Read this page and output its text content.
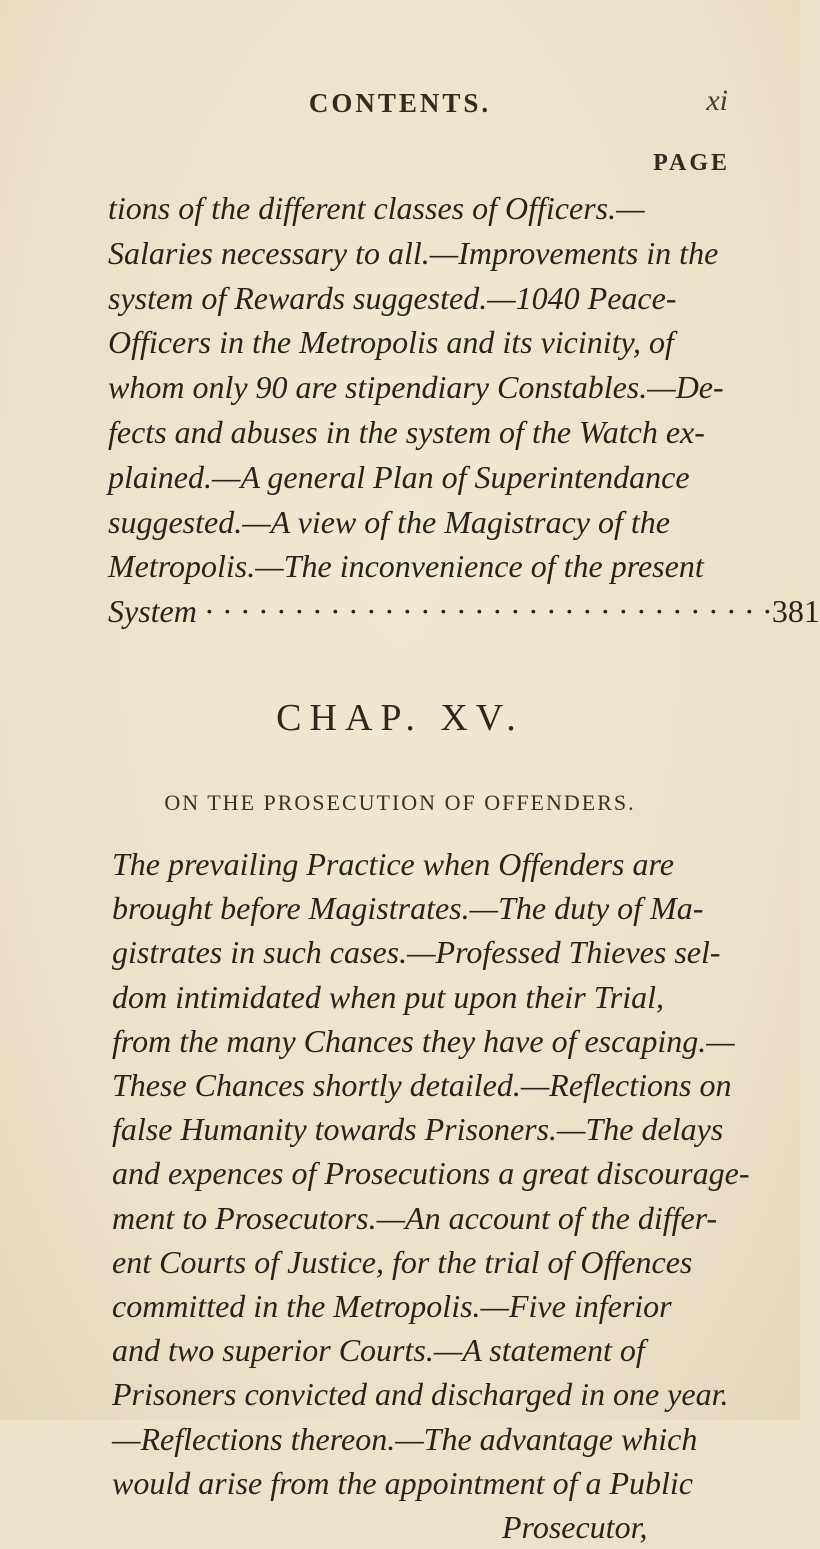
CONTENTS.	xi
PAGE
tions of the different classes of Officers.—
Salaries necessary to all.—Improvements in the
system of Rewards suggested.—1040 Peace-
Officers in the Metropolis and its vicinity, of
whom only 90 are stipendiary Constables.—De-
fects and abuses in the system of the Watch ex-
plained.—A general Plan of Superintendance
suggested.—A view of the Magistracy of the
Metropolis.—The inconvenience of the present
System · · · · · · · · · · · · · · · · · · · · · · · · · · · · · · · ·381
CHAP. XV.
ON THE PROSECUTION OF OFFENDERS.
The prevailing Practice when Offenders are
brought before Magistrates.—The duty of Ma-
gistrates in such cases.—Professed Thieves sel-
dom intimidated when put upon their Trial,
from the many Chances they have of escaping.—
These Chances shortly detailed.—Reflections on
false Humanity towards Prisoners.—The delays
and expences of Prosecutions a great discourage-
ment to Prosecutors.—An account of the differ-
ent Courts of Justice, for the trial of Offences
committed in the Metropolis.—Five inferior
and two superior Courts.—A statement of
Prisoners convicted and discharged in one year.
—Reflections thereon.—The advantage which
would arise from the appointment of a Public
Prosecutor,
